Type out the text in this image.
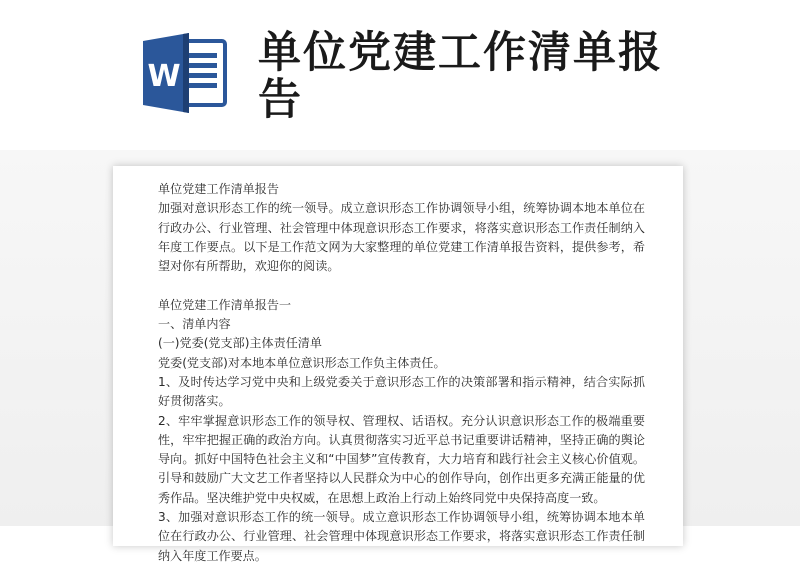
W 单位党建工作清单报告

单位党建工作清单报告

加强对意识形态工作的统一领导。成立意识形态工作协调领导小组，统筹协调本地本单位在行政办公、行业管理、社会管理中体现意识形态工作要求，将落实意识形态工作责任制纳入年度工作要点。以下是工作范文网为大家整理的单位党建工作清单报告资料，提供参考，希望对你有所帮助，欢迎你的阅读。

单位党建工作清单报告一

一、清单内容

(一)党委(党支部)主体责任清单

党委(党支部)对本地本单位意识形态工作负主体责任。

1、及时传达学习党中央和上级党委关于意识形态工作的决策部署和指示精神，结合实际抓好贯彻落实。

2、牢牢掌握意识形态工作的领导权、管理权、话语权。充分认识意识形态工作的极端重要性，牢牢把握正确的政治方向。认真贯彻落实习近平总书记重要讲话精神，坚持正确的舆论导向。抓好中国特色社会主义和“中国梦”宣传教育，大力培育和践行社会主义核心价值观。引导和鼓励广大文艺工作者坚持以人民群众为中心的创作导向，创作出更多充满正能量的优秀作品。坚决维护党中央权威，在思想上政治上行动上始终同党中央保持高度一致。

3、加强对意识形态工作的统一领导。成立意识形态工作协调领导小组，统筹协调本地本单位在行政办公、行业管理、社会管理中体现意识形态工作要求，将落实意识形态工作责任制纳入年度工作要点。
